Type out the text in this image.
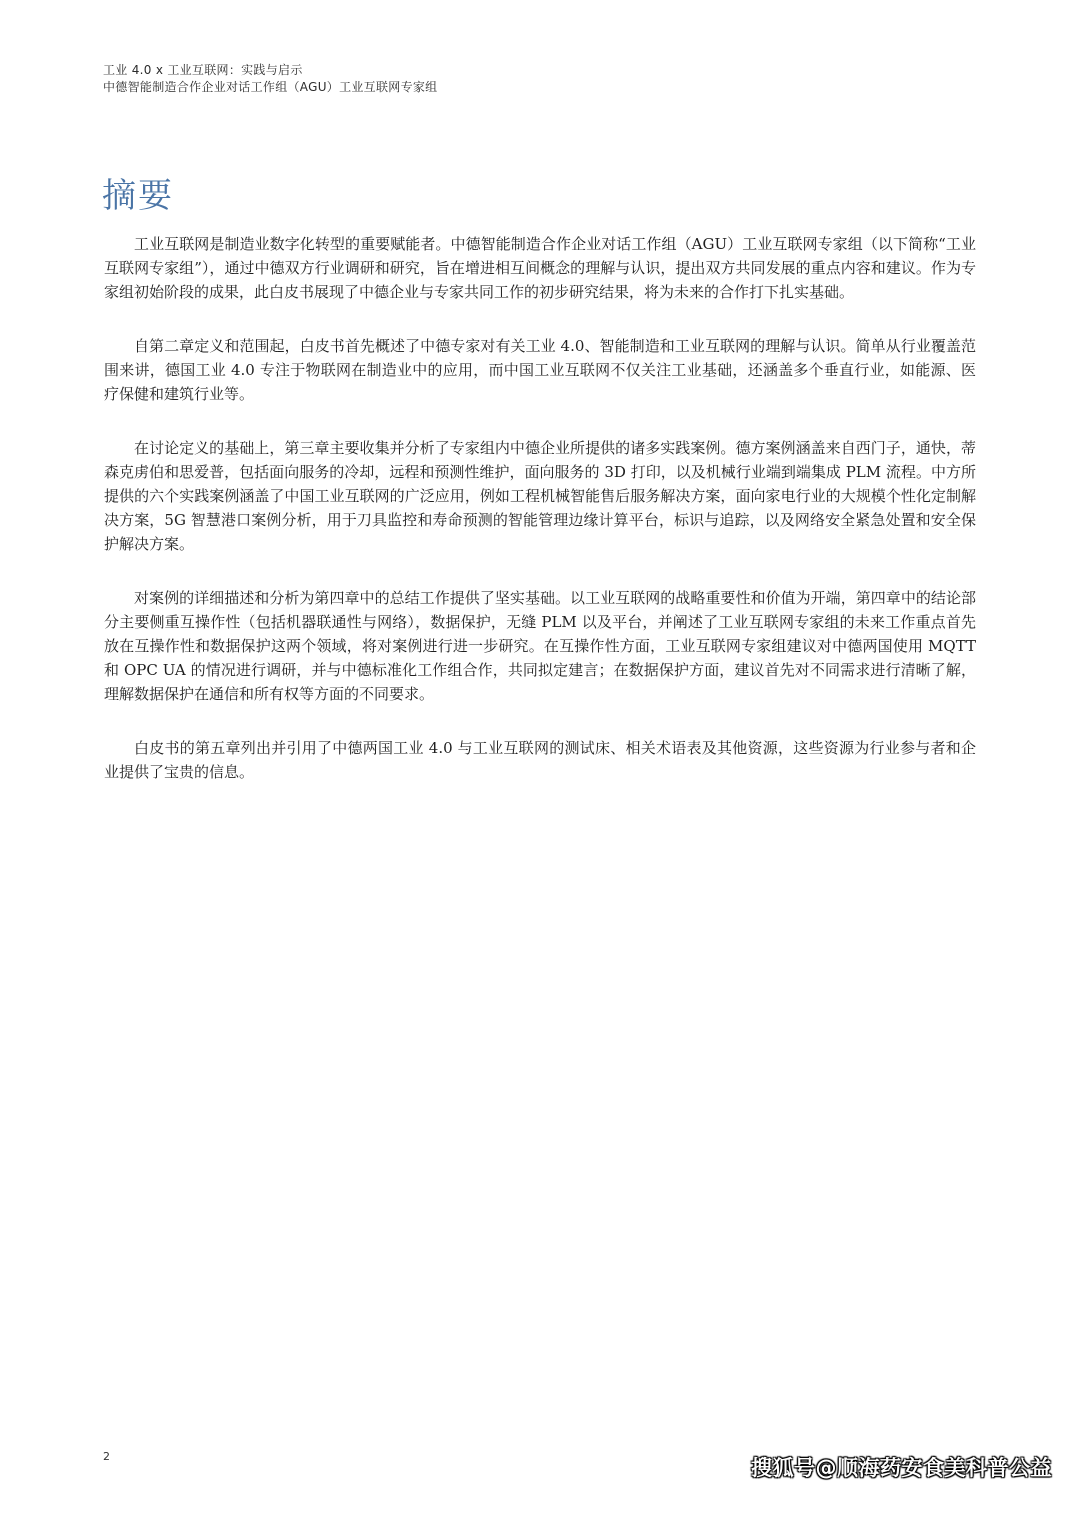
工业 4.0 x 工业互联网：实践与启示
中德智能制造合作企业对话工作组（AGU）工业互联网专家组
摘要

工业互联网是制造业数字化转型的重要赋能者。中德智能制造合作企业对话工作组（AGU）工业互联网专家组（以下简称“工业互联网专家组”），通过中德双方行业调研和研究，旨在增进相互间概念的理解与认识，提出双方共同发展的重点内容和建议。作为专家组初始阶段的成果，此白皮书展现了中德企业与专家共同工作的初步研究结果，将为未来的合作打下扎实基础。

自第二章定义和范围起，白皮书首先概述了中德专家对有关工业 4.0、智能制造和工业互联网的理解与认识。简单从行业覆盖范围来讲，德国工业 4.0 专注于物联网在制造业中的应用，而中国工业互联网不仅关注工业基础，还涵盖多个垂直行业，如能源、医疗保健和建筑行业等。

在讨论定义的基础上，第三章主要收集并分析了专家组内中德企业所提供的诸多实践案例。德方案例涵盖来自西门子，通快，蒂森克虏伯和思爱普，包括面向服务的冷却，远程和预测性维护，面向服务的 3D 打印，以及机械行业端到端集成 PLM 流程。中方所提供的六个实践案例涵盖了中国工业互联网的广泛应用，例如工程机械智能售后服务解决方案，面向家电行业的大规模个性化定制解决方案，5G 智慧港口案例分析，用于刀具监控和寿命预测的智能管理边缘计算平台，标识与追踪，以及网络安全紧急处置和安全保护解决方案。

对案例的详细描述和分析为第四章中的总结工作提供了坚实基础。以工业互联网的战略重要性和价值为开端，第四章中的结论部分主要侧重互操作性（包括机器联通性与网络），数据保护，无缝 PLM 以及平台，并阐述了工业互联网专家组的未来工作重点首先放在互操作性和数据保护这两个领域，将对案例进行进一步研究。在互操作性方面，工业互联网专家组建议对中德两国使用 MQTT 和 OPC UA 的情况进行调研，并与中德标准化工作组合作，共同拟定建言；在数据保护方面，建议首先对不同需求进行清晰了解，理解数据保护在通信和所有权等方面的不同要求。

白皮书的第五章列出并引用了中德两国工业 4.0 与工业互联网的测试床、相关术语表及其他资源，这些资源为行业参与者和企业提供了宝贵的信息。

2	搜狐号@顺海药安食美科普公益
